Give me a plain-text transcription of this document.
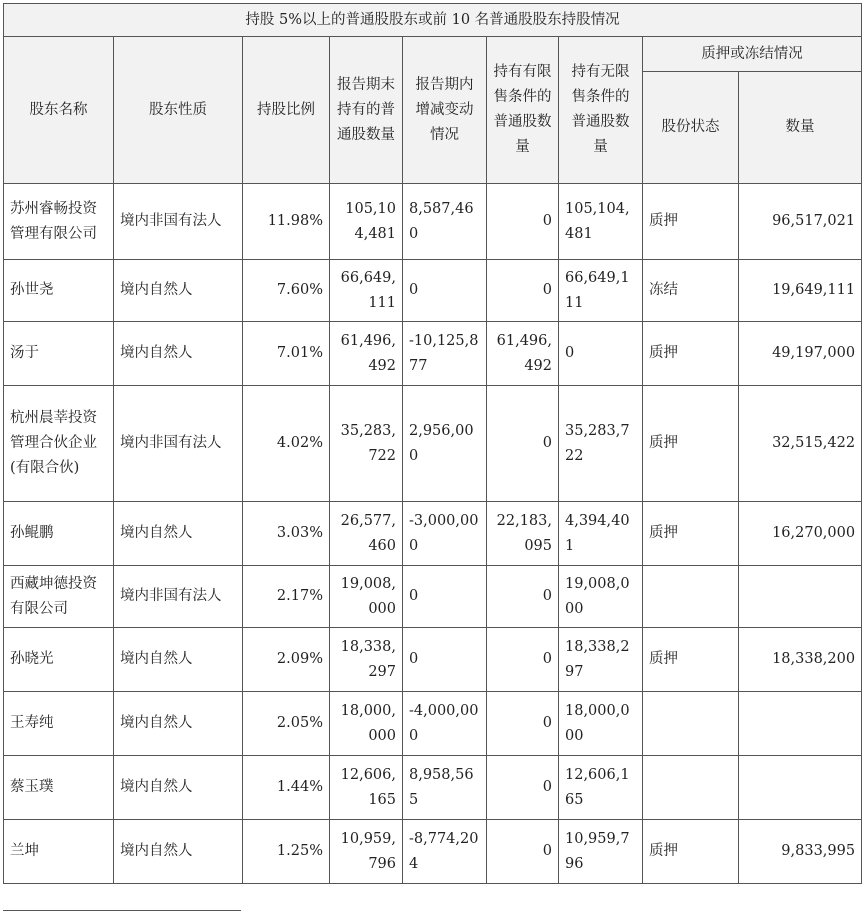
持股 5%以上的普通股股东或前 10 名普通股股东持股情况								
股东名称	股东性质	持股比例	报告期末持有的普通股数量	报告期内增减变动情况	持有有限售条件的普通股数量	持有无限售条件的普通股数量	质押或冻结情况	
							股份状态	数量
苏州睿畅投资管理有限公司	境内非国有法人	11.98%	105,104,481	8,587,460	0	105,104,481	质押	96,517,021
孙世尧	境内自然人	7.60%	66,649,111	0	0	66,649,111	冻结	19,649,111
汤于	境内自然人	7.01%	61,496,492	-10,125,877	61,496,492	0	质押	49,197,000
杭州晨莘投资管理合伙企业(有限合伙)	境内非国有法人	4.02%	35,283,722	2,956,000	0	35,283,722	质押	32,515,422
孙鲲鹏	境内自然人	3.03%	26,577,460	-3,000,000	22,183,095	4,394,401	质押	16,270,000
西藏坤德投资有限公司	境内非国有法人	2.17%	19,008,000	0	0	19,008,000		
孙晓光	境内自然人	2.09%	18,338,297	0	0	18,338,297	质押	18,338,200
王寿纯	境内自然人	2.05%	18,000,000	-4,000,000	0	18,000,000		
蔡玉璞	境内自然人	1.44%	12,606,165	8,958,565	0	12,606,165		
兰坤	境内自然人	1.25%	10,959,796	-8,774,204	0	10,959,796	质押	9,833,995
